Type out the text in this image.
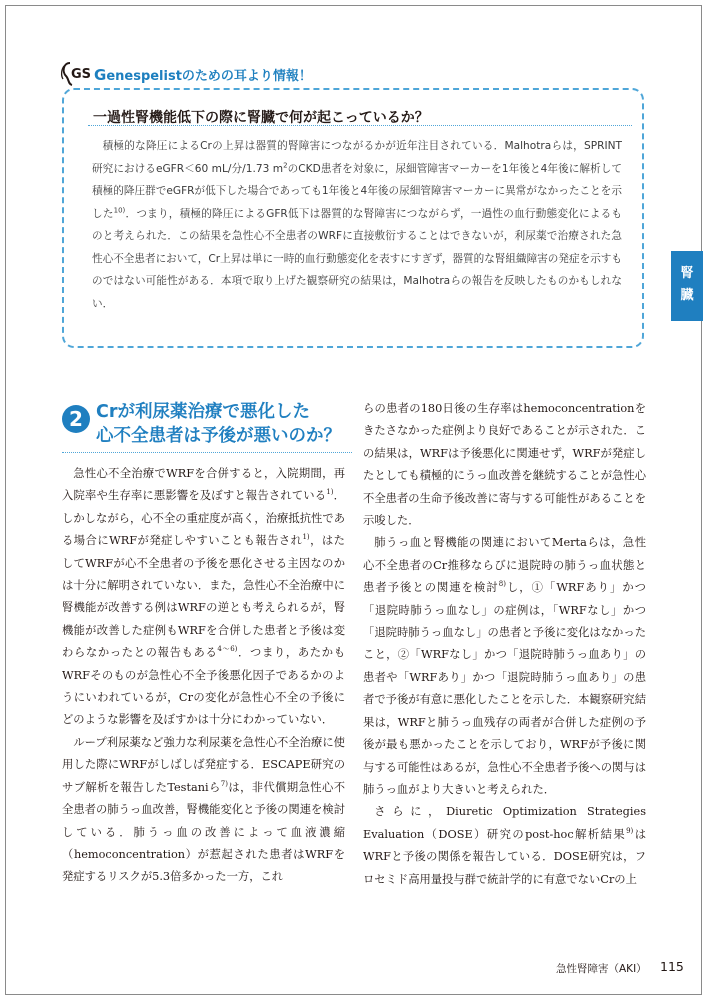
GS Genespelistのための耳より情報！
一過性腎機能低下の際に腎臓で何が起こっているか？

積極的な降圧によるCrの上昇は器質的腎障害につながるかが近年注目されている．Malhotraらは，SPRINT研究におけるeGFR＜60 mL/分/1.73 $m^2$のCKD患者を対象に，尿細管障害マーカーを1年後と4年後に解析して積極的降圧群でeGFRが低下した場合であっても1年後と4年後の尿細管障害マーカーに異常がなかったことを示した$^{10)}$．つまり，積極的降圧によるGFR低下は器質的な腎障害につながらず，一過性の血行動態変化によるものと考えられた．この結果を急性心不全患者のWRFに直接敷衍することはできないが，利尿薬で治療された急性心不全患者において，Cr上昇は単に一時的血行動態変化を表すにすぎず，器質的な腎組織障害の発症を示すものではない可能性がある．本項で取り上げた観察研究の結果は，Malhotraらの報告を反映したものかもしれない．

腎
臓
2 Crが利尿薬治療で悪化した
心不全患者は予後が悪いのか？

急性心不全治療でWRFを合併すると，入院期間，再入院率や生存率に悪影響を及ぼすと報告されている$^{1)}$．しかしながら，心不全の重症度が高く，治療抵抗性である場合にWRFが発症しやすいことも報告され$^{1)}$，はたしてWRFが心不全患者の予後を悪化させる主因なのかは十分に解明されていない．また，急性心不全治療中に腎機能が改善する例はWRFの逆とも考えられるが，腎機能が改善した症例もWRFを合併した患者と予後は変わらなかったとの報告もある$^{4〜6)}$．つまり，あたかもWRFそのものが急性心不全予後悪化因子であるかのようにいわれているが，Crの変化が急性心不全の予後にどのような影響を及ぼすかは十分にわかっていない．

ループ利尿薬など強力な利尿薬を急性心不全治療に使用した際にWRFがしばしば発症する．ESCAPE研究のサブ解析を報告したTestaniら$^{7)}$は，非代償期急性心不全患者の肺うっ血改善，腎機能変化と予後の関連を検討している．肺うっ血の改善によって血液濃縮（hemoconcentration）が惹起された患者はWRFを発症するリスクが5.3倍多かった一方，これ

らの患者の180日後の生存率はhemoconcentrationをきたさなかった症例より良好であることが示された．この結果は，WRFは予後悪化に関連せず，WRFが発症したとしても積極的にうっ血改善を継続することが急性心不全患者の生命予後改善に寄与する可能性があることを示唆した．

肺うっ血と腎機能の関連においてMertaらは，急性心不全患者のCr推移ならびに退院時の肺うっ血状態と患者予後との関連を検討$^{8)}$し，①「WRFあり」かつ「退院時肺うっ血なし」の症例は，「WRFなし」かつ「退院時肺うっ血なし」の患者と予後に変化はなかったこと，②「WRFなし」かつ「退院時肺うっ血あり」の患者や「WRFあり」かつ「退院時肺うっ血あり」の患者で予後が有意に悪化したことを示した．本観察研究結果は，WRFと肺うっ血残存の両者が合併した症例の予後が最も悪かったことを示しており，WRFが予後に関与する可能性はあるが，急性心不全患者予後への関与は肺うっ血がより大きいと考えられた．

さらに，Diuretic Optimization Strategies Evaluation（DOSE）研究のpost-hoc解析結果$^{9)}$はWRFと予後の関係を報告している．DOSE研究は，フロセミド高用量投与群で統計学的に有意でないCrの上

急性腎障害（AKI） 115
